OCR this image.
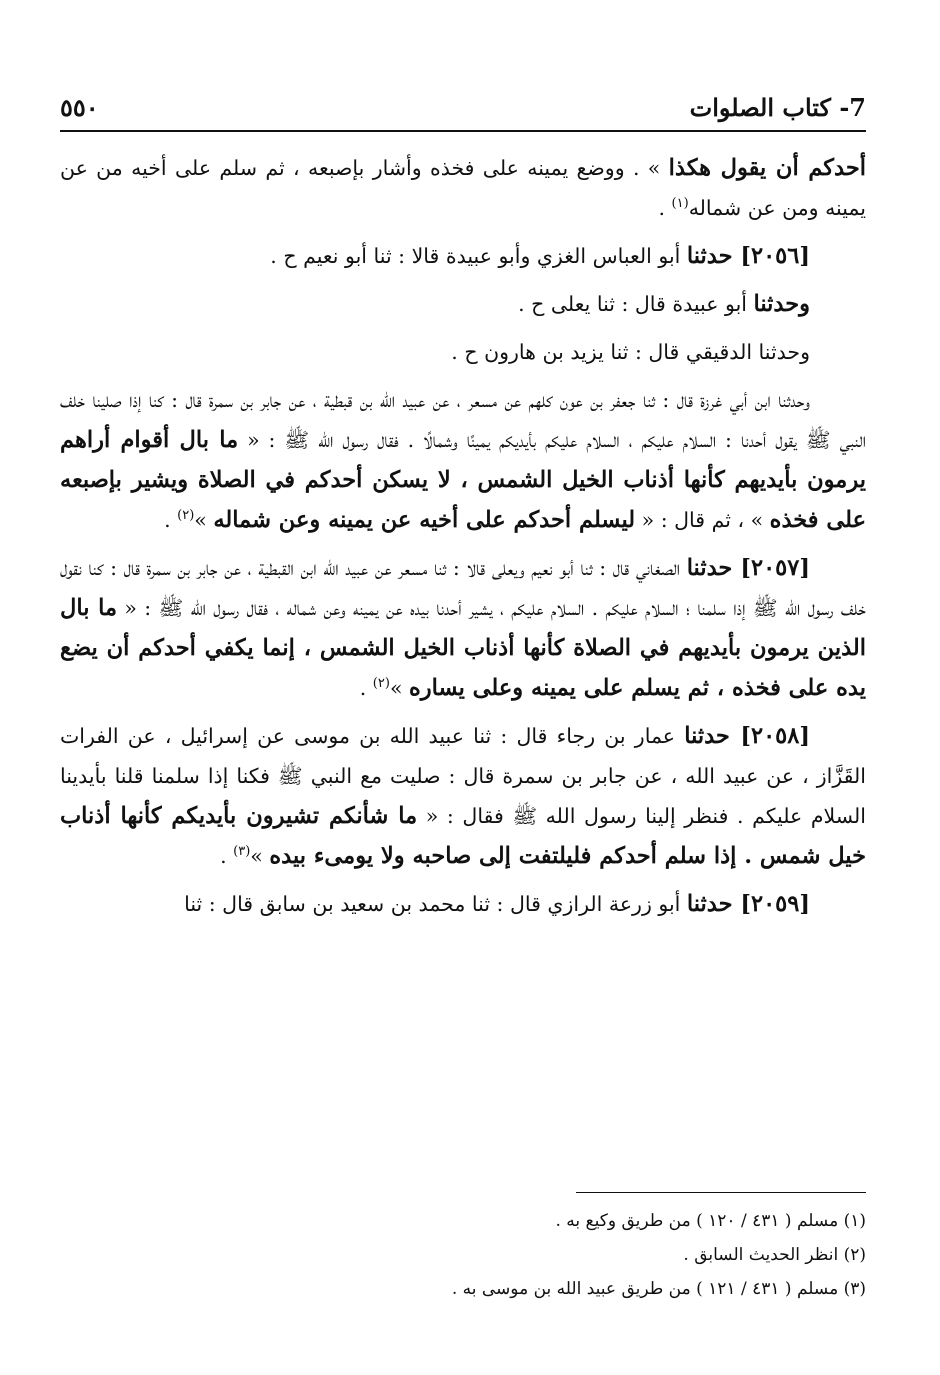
7- كتاب الصلوات
٥٥٠

أحدكم أن يقول هكذا » . ووضع يمينه على فخذه وأشار بإصبعه ، ثم سلم على أخيه من عن يمينه ومن عن شماله$^{(١)}$ .

[٢٠٥٦] حدثنا أبو العباس الغزي وأبو عبيدة قالا : ثنا أبو نعيم ح .

وحدثنا أبو عبيدة قال : ثنا يعلى ح .

وحدثنا الدقيقي قال : ثنا يزيد بن هارون ح .

وحدثنا ابن أبي غرزة قال : ثنا جعفر بن عون كلهم عن مسعر ، عن عبيد الله بن قبطية ، عن جابر بن سمرة قال : كنا إذا صلينا خلف النبي ﷺ يقول أحدنا : السلام عليكم ، السلام عليكم بأيديكم يمينًا وشمالًا . فقال رسول الله ﷺ : « ما بال أقوام أراهم يرمون بأيديهم كأنها أذناب الخيل الشمس ، لا يسكن أحدكم في الصلاة ويشير بإصبعه على فخذه » ، ثم قال : « ليسلم أحدكم على أخيه عن يمينه وعن شماله »$^{(٢)}$ .

[٢٠٥٧] حدثنا الصغاني قال : ثنا أبو نعيم ويعلى قالا : ثنا مسعر عن عبيد الله ابن القبطية ، عن جابر بن سمرة قال : كنا نقول خلف رسول الله ﷺ إذا سلمنا ؛ السلام عليكم . السلام عليكم ، يشير أحدنا بيده عن يمينه وعن شماله ، فقال رسول الله ﷺ : « ما بال الذين يرمون بأيديهم في الصلاة كأنها أذناب الخيل الشمس ، إنما يكفي أحدكم أن يضع يده على فخذه ، ثم يسلم على يمينه وعلى يساره »$^{(٢)}$ .

[٢٠٥٨] حدثنا عمار بن رجاء قال : ثنا عبيد الله بن موسى عن إسرائيل ، عن الفرات القَزَّاز ، عن عبيد الله ، عن جابر بن سمرة قال : صليت مع النبي ﷺ فكنا إذا سلمنا قلنا بأيدينا السلام عليكم . فنظر إلينا رسول الله ﷺ فقال : « ما شأنكم تشيرون بأيديكم كأنها أذناب خيل شمس . إذا سلم أحدكم فليلتفت إلى صاحبه ولا يومىء بيده »$^{(٣)}$ .

[٢٠٥٩] حدثنا أبو زرعة الرازي قال : ثنا محمد بن سعيد بن سابق قال : ثنا

(١) مسلم ( ٤٣١ / ١٢٠ ) من طريق وكيع به .
(٢) انظر الحديث السابق .
(٣) مسلم ( ٤٣١ / ١٢١ ) من طريق عبيد الله بن موسى به .
